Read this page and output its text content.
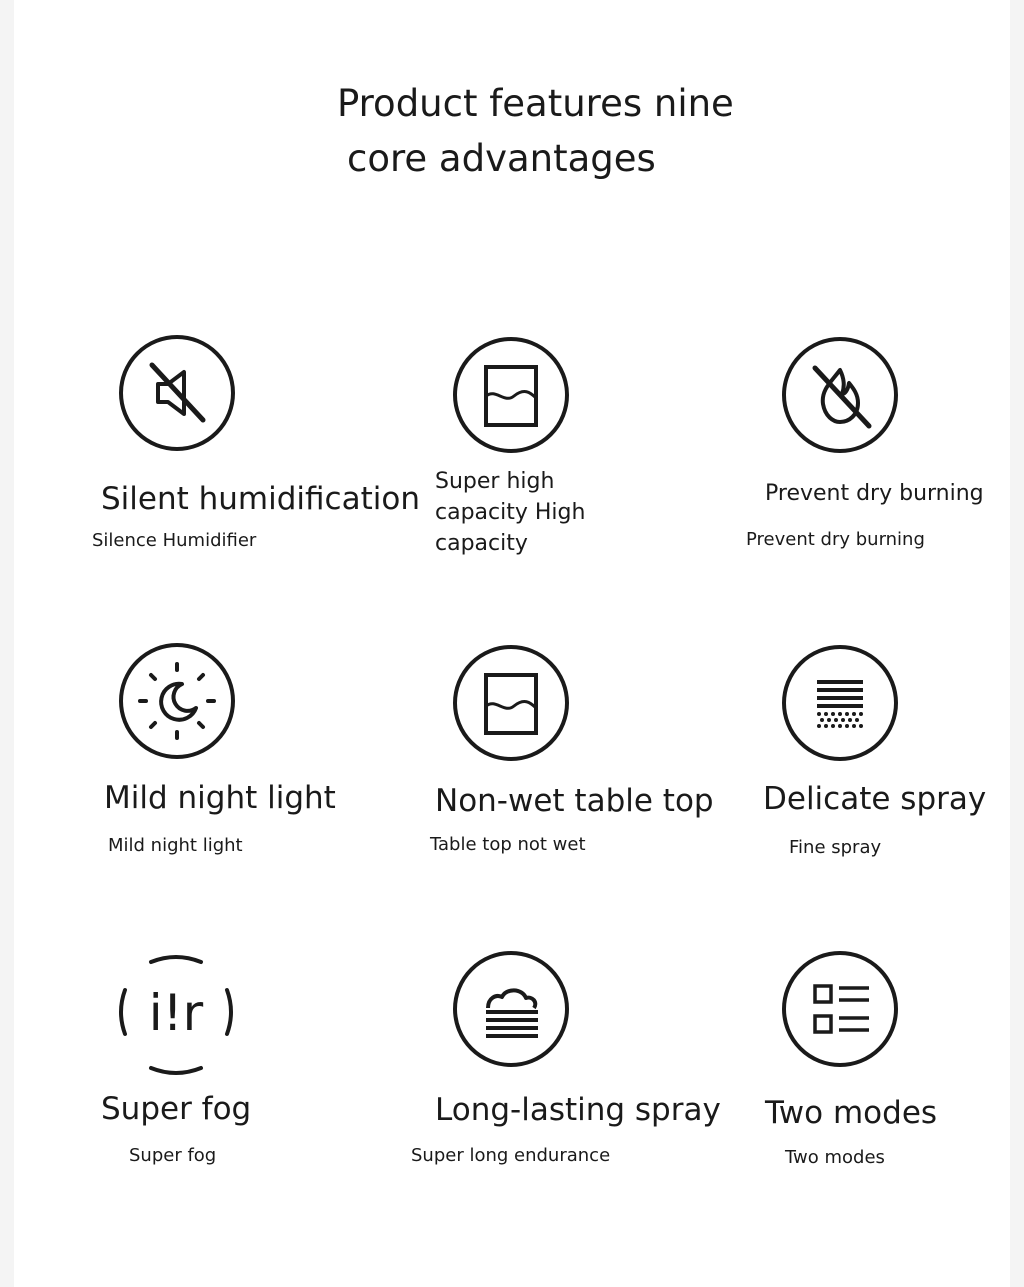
Product features nine
core advantages
Silent humidification
Silence Humidifier
Super high capacity High capacity
Prevent dry burning
Prevent dry burning
Mild night light
Mild night light
Non-wet table top
Table top not wet
Delicate spray
Fine spray
i!r
Super fog
Super fog
Long-lasting spray
Super long endurance
Two modes
Two modes
